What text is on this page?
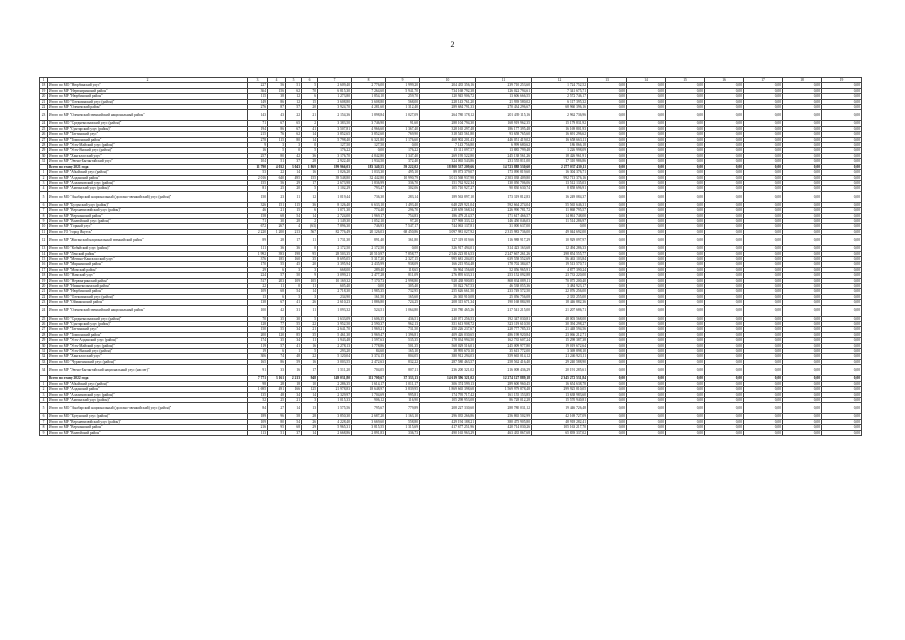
2
1	2	3	4	5	6	7	8	9	10	11	12	13	14	15	16	17	18	19
18	Итого по МО "Нюрбинский улус"	227	56	51	5	2 609,40	2 776,00	1 999,20	204 435 356,16	239 710 253,60	1 724 752,52	0,00	0,00	0,00	0,00	0,00	0,00	0,00
19	Итого по МР "Нерюнгринский район"	364	156	62	70	6 815,30	7 264,60	5 941,70	734 168 792,38	126 022 794,61	7 341 675,71	0,00	0,00	0,00	0,00	0,00	0,00	0,00
20	Итого по МР "Нюрбинский район"	115	38	12	6	1 273,80	1 854,10	259,70	120 945 906,72	13 606 666,55	2 572 746,17	0,00	0,00	0,00	0,00	0,00	0,00	0,00
21	Итого по МО "Олекминский улус (район)"	149	86	12	15	3 608,80	3 608,80	568,00	228 143 761,20	21 939 580,02	6 117 395,32	0,00	0,00	0,00	0,00	0,00	0,00	0,00
22	Итого по МР "Оленекский район"	276	87	57	20	3 924,70	4 281,60	1 312,40	289 684 791,33	270 434 296,67	68 960 396,16	0,00	0,00	0,00	0,00	0,00	0,00	0,00
23	Итого по МР "Оленекский эвенкийский национальный район"	143	43	22	21	2 154,36	1 898,84	1 027,09	264 780 178,12	201 439 115,16	2 962 736,96	0,00	0,00	0,00	0,00	0,00	0,00	0,00
24	Итого по МО "Среднеколымский улус (район)"	71	67	65	2	3 383,50	3 746,90	91,60	288 104 794,30	168 919 962,35	15 179 831,92	0,00	0,00	0,00	0,00	0,00	0,00	0,00
25	Итого по МР "Сунтарский улус (район)"	194	86	67	41	3 507,81	4 966,60	1 367,40	328 165 297,48	186 177 395,48	16 169 801,93	0,00	0,00	0,00	0,00	0,00	0,00	0,00
26	Итого по МР "Таттинский улус"	215	76	62	14	3 852,65	3 852,60	769,90	318 545 561,80	93 658 765,60	16 691 296,62	0,00	0,00	0,00	0,00	0,00	0,00	0,00
27	Итого по МР "Томпонский район"	278	115	80	14	5 798,40	6 321,80	1 176,60	468 902 201,43	446 051 419,02	16 658 663,11	0,00	0,00	0,00	0,00	0,00	0,00	0,00
28	Итого по МР "Усть-Майский улус (район)"	9	3	3	0	127,50	127,50	0,00	7 143 756,80	6 999 680,62	186 866,18	0,00	0,00	0,00	0,00	0,00	0,00	0,00
29	Итого по МР "Усть-Янский улус (район)"	16	5	0	5	176,22	0,00	176,22	15 111 097,57	13 885 799,48	1 226 998,09	0,00	0,00	0,00	0,00	0,00	0,00	0,00
30	Итого по МР "Хангаласский улус"	257	80	42	36	3 176,70	4 842,80	1 347,40	269 195 522,80	245 138 561,26	18 426 961,91	0,00	0,00	0,00	0,00	0,00	0,00	0,00
31	Итого по МР "Эвено-Бытантайский улус"	104	51	37	28	2 922,40	1 934,50	372,40	324 065 543,86	231 555 811,00	17 310 986,86	0,00	0,00	0,00	0,00	0,00	0,00	0,00
	Всего по этапу 2021 года	11 790	4 032	3 043	1 869	199 966,03	183 340,55	59 222,02	18 800 537 209,66	14 723 888 530,60	2 277 037 430,11	0,00	0,00	0,00	0,00	0,00	0,00	0,00
1	Итого по МР "Абыйский улус (район)"	53	22	14	16	1 026,20	1 033,30	495,10	89 073 379,07	173 090 819,60	16 304 376,71	0,00	0,00	0,00	0,00	0,00	0,00	0,00
2	Итого по МР "Алданский район"	2 016	640	495	155	39 548,80	32 442,80	10 990,79	3 013 568 937,98	2 303 038 409,80	992 713 376,16	0,00	0,00	0,00	0,00	0,00	0,00	0,00
3	Итого по МР "Аллаиховский улус (район)"	155	56	29	17	2 673,98	1 836,99	336,70	151 762 922,34	130 050 706,06	13 512 135,03	0,00	0,00	0,00	0,00	0,00	0,00	0,00
4	Итого по МР "Амгинский улус (район)"	81	25	20	5	1 102,29	793,47	302,06	105 710 927,27	90 830 630,74	8 858 696,91	0,00	0,00	0,00	0,00	0,00	0,00	0,00
5	Итого по МО "Анабарский национальный (долгано-эвенкийский) улус (район)"	150	23	11	12	1 019,44	736,30	283,14	189 563 897,10	173 319 812,83	16 249 084,37	0,00	0,00	0,00	0,00	0,00	0,00	0,00
6	Итого по МР "Булунский улус (район)"	326	151	115	36	8 126,40	6 633,10	1 493,40	648 229 921,04	592 664 274,04	55 565 646,31	0,00	0,00	0,00	0,00	0,00	0,00	0,00
7	Итого по МР "Верхневилюйский улус (район)"	46	21	15	6	1 071,30	774,40	296,70	238 659 568,34	226 990 781,72	11 868 795,57	0,00	0,00	0,00	0,00	0,00	0,00	0,00
8	Итого по МР "Верхоянский район"	158	68	54	14	2 724,00	1 969,17	754,83	186 479 214,57	171 617 466,57	14 861 748,00	0,00	0,00	0,00	0,00	0,00	0,00	0,00
9	Итого по МР "Вилюйский улус (район)"	71	30	28	2	1 149,30	1 052,10	97,20	157 969 333,12	146 450 046,03	11 514 286,97	0,00	0,00	0,00	0,00	0,00	0,00	0,00
10	Итого по МР "Горный улус"	672	267	4	(63)	7 896,30	746,93	7 547,17	744 063 137,81	31 000 637,00	0,00	0,00	0,00	0,00	0,00	0,00	0,00	0,00
11	Итого по ГО "город Якутск"	2 220	1 200	213	567	82 776,49	20 126,03	68 450,86	3 097 981 027,92	2 315 983 736,00	49 044 692,00	0,00	0,00	0,00	0,00	0,00	0,00	0,00
12	Итого по МР "Жиганский национальный эвенкийский район"	89	28	17	11	1 731,30	891,40	361,80	127 319 019,66	116 988 917,29	10 929 097,97	0,00	0,00	0,00	0,00	0,00	0,00	0,00
13	Итого по МО "Кобяйский улус (район)"	111	36	36	0	2 172,50	2 172,50	0,00	326 917 494,01	314 423 163,68	12 494 286,33	0,00	0,00	0,00	0,00	0,00	0,00	0,00
14	Итого по МР "Ленский район"	1 992	393	198	95	28 503,35	20 510,97	7 858,77	2 546 223 816,53	2 247 667 261,26	298 854 555,77	0,00	0,00	0,00	0,00	0,00	0,00	0,00
15	Итого по МР "Мегино-Кангаласский улус"	376	185	160	35	8 695,05	5 317,20	2 327,15	995 681 204,05	639 558 552,69	56 463 103,84	0,00	0,00	0,00	0,00	0,00	0,00	0,00
16	Итого по МР "Мирнинский район"	170	55	45	20	3 395,94	2 435,99	938,09	166 215 954,48	178 702 384,07	19 513 570,71	0,00	0,00	0,00	0,00	0,00	0,00	0,00
17	Итого по МР "Момский район"	29	6	3	3	668,00	289,40	118,65	56 964 156,68	52 056 965,91	4 877 390,24	0,00	0,00	0,00	0,00	0,00	0,00	0,00
18	Итого по МО "Намский улус"	224	57	50	9	3 099,21	2 477,28	811,09	276 895 633,31	253 152 092,88	23 733 220,00	0,00	0,00	0,00	0,00	0,00	0,00	0,00
19	Итого по МО "Нерюнгринский район"	517	203	109	105	10 169,32	7 170,73	2 998,80	928 438 900,85	868 834 089,11	70 075 200,40	0,00	0,00	0,00	0,00	0,00	0,00	0,00
20	Итого по МР "Нижнеколымский район"	22	11	0	11	605,40	0,00	305,40	50 022 767,53	46 538 055,36	3 484 923,17	0,00	0,00	0,00	0,00	0,00	0,00	0,00
21	Итого по МР "Нюрбинский район"	109	68	54	14	2 718,30	1 985,35	732,95	255 626 661,50	233 749 572,50	22 076 256,00	0,00	0,00	0,00	0,00	0,00	0,00	0,00
22	Итого по МО "Олекминский улус (район)"	13	6	3	3	234,90	161,50	165,60	26 365 910,08	25 056 756,08	2 335 255,00	0,00	0,00	0,00	0,00	0,00	0,00	0,00
23	Итого по МР "Оймяконский район"	138	67	41	26	2 610,23	1 886,80	724,25	208 315 671,34	190 168 884,98	18 446 882,36	0,00	0,00	0,00	0,00	0,00	0,00	0,00
24	Итого по МР "Оленекский эвенкийский национальный район"	100	42	31	11	1 093,32	524,51	1 064,80	230 780 465,26	217 541 215,00	21 207 686,71	0,00	0,00	0,00	0,00	0,00	0,00	0,00
25	Итого по МО "Среднеколымский улус (район)"	70	35	30	5	1 633,09	1 606,35	436,51	240 071 256,53	192 347 030,81	48 003 568,00	0,00	0,00	0,00	0,00	0,00	0,00	0,00
26	Итого по МР "Сунтарский улус (район)"	128	77	55	22	3 952,50	2 590,37	962,13	351 613 908,72	323 119 610,50	30 394 298,27	0,00	0,00	0,00	0,00	0,00	0,00	0,00
27	Итого по МР "Таттинский улус"	150	55	34	21	2 641,70	1 969,21	731,50	250 226 237,67	228 777 785,33	21 448 594,56	0,00	0,00	0,00	0,00	0,00	0,00	0,00
28	Итого по МР "Томпонский район"	200	120	85	35	5 461,30	3 969,47	1 396,81	409 426 030,65	486 198 920,84	23 066 212,71	0,00	0,00	0,00	0,00	0,00	0,00	0,00
29	Итого по МР "Усть-Алданский улус (район)"	174	35	34	11	1 943,48	1 597,63	535,35	178 034 994,50	162 735 607,24	15 298 387,38	0,00	0,00	0,00	0,00	0,00	0,00	0,00
30	Итого по МР "Усть-Майский улус (район)"	119	57	41	16	2 278,13	1 778,86	501,35	568 029 516,01	245 009 977,80	19 019 672,64	0,00	0,00	0,00	0,00	0,00	0,00	0,00
31	Итого по МР "Усть-Янский улус (район)"	19	6	1	5	293,20	84,60	165,10	38 995 670,10	35 615 772,00	3 369 898,10	0,00	0,00	0,00	0,00	0,00	0,00	0,00
32	Итого по МР "Хангаласский улус"	306	74	48	22	5 120,04	3 374,15	804,05	380 912 294,03	359 665 014,12	21 246 923,11	0,00	0,00	0,00	0,00	0,00	0,00	0,00
33	Итого по МО "Чурапчинский улус (район)"	165	86	59	16	3 003,55	2 472,63	832,22	287 580 463,57	258 562 416,40	29 240 588,90	0,00	0,00	0,00	0,00	0,00	0,00	0,00
34	Итого по МР "Эвено-Бытантайский национальный улус (наслег)"	91	33	16	17	1 511,20	704,05	807,11	236 200 321,02	216 008 436,29	20 191 285,61	0,00	0,00	0,00	0,00	0,00	0,00	0,00
	Всего по этапу 2022 года	7 771	3 161	2 213	948	149 031,80	111 700,67	37 333,13	14 619 396 321,02	12 274 127 889,18	2 345 272 531,84	0,00	0,00	0,00	0,00	0,00	0,00	0,00
1	Итого по МР "Абыйский улус (район)"	98	28	18	10	2 286,35	1 614,17	1 011,17	306 374 599,13	289 600 960,45	16 654 638,78	0,00	0,00	0,00	0,00	0,00	0,00	0,00
2	Итого по МР "Алданский район"	1 695	491	166	125	21 978,83	18 648,97	3 839,95	1 869 665 398,68	1 569 979 878,48	299 925 810,05	0,00	0,00	0,00	0,00	0,00	0,00	0,00
3	Итого по МР "Аллаиховский улус (район)"	135	48	34	14	2 329,97	1 704,69	995,81	174 795 717,42	161 155 153,85	13 638 983,60	0,00	0,00	0,00	0,00	0,00	0,00	0,00
4	Итого по МР "Амгинский улус (район)"	52	25	21	3	1 015,33	906,12	116,90	105 298 953,08	86 728 012,28	15 570 940,81	0,00	0,00	0,00	0,00	0,00	0,00	0,00
5	Итого по МО "Анабарский национальный (долгано-эвенкийский) улус (район)"	84	27	14	13	1 575,56	795,67	779,89	208 227 330,60	288 780 031,12	19 446 726,48	0,00	0,00	0,00	0,00	0,00	0,00	0,00
6	Итого по МО "Булунский улус (район)"	189	96	58	28	3 850,30	2 687,20	1 163,10	296 035 266,86	256 865 502,99	42 169 727,09	0,00	0,00	0,00	0,00	0,00	0,00	0,00
7	Итого по МР "Верхневилюйский улус (район)"	109	80	54	26	4 228,40	3 669,60	558,80	429 194 188,21	380 475 905,80	48 918 282,41	0,00	0,00	0,00	0,00	0,00	0,00	0,00
8	Итого по МР "Верхоянский район"	216	95	68	29	5 965,31	3 815,55	1 315,69	417 677 251,96	420 714 030,26	105 163 217,70	0,00	0,00	0,00	0,00	0,00	0,00	0,00
9	Итого по МР "Вилюйский район"	113	51	37	14	2 668,86	2 891,83	336,73	490 165 963,29	463 435 867,68	65 839 337,02	0,00	0,00	0,00	0,00	0,00	0,00	0,00
